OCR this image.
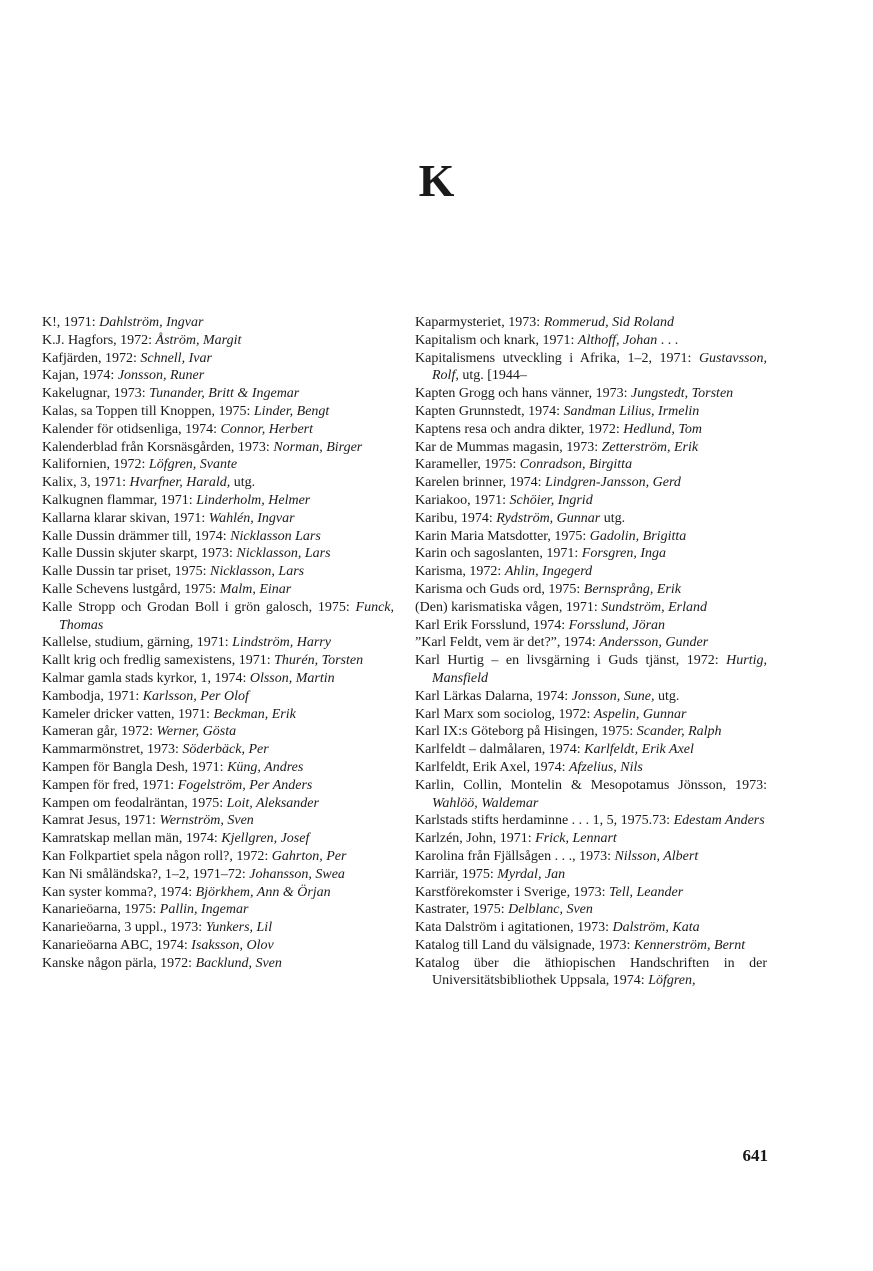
K
K!, 1971: Dahlström, Ingvar
K.J. Hagfors, 1972: Åström, Margit
Kafjärden, 1972: Schnell, Ivar
Kajan, 1974: Jonsson, Runer
Kakelugnar, 1973: Tunander, Britt & Ingemar
Kalas, sa Toppen till Knoppen, 1975: Linder, Bengt
Kalender för otidsenliga, 1974: Connor, Herbert
Kalenderblad från Korsnäsgården, 1973: Norman, Birger
Kalifornien, 1972: Löfgren, Svante
Kalix, 3, 1971: Hvarfner, Harald, utg.
Kalkugnen flammar, 1971: Linderholm, Helmer
Kallarna klarar skivan, 1971: Wahlén, Ingvar
Kalle Dussin drämmer till, 1974: Nicklasson Lars
Kalle Dussin skjuter skarpt, 1973: Nicklasson, Lars
Kalle Dussin tar priset, 1975: Nicklasson, Lars
Kalle Schevens lustgård, 1975: Malm, Einar
Kalle Stropp och Grodan Boll i grön galosch, 1975: Funck, Thomas
Kallelse, studium, gärning, 1971: Lindström, Harry
Kallt krig och fredlig samexistens, 1971: Thurén, Torsten
Kalmar gamla stads kyrkor, 1, 1974: Olsson, Martin
Kambodja, 1971: Karlsson, Per Olof
Kameler dricker vatten, 1971: Beckman, Erik
Kameran går, 1972: Werner, Gösta
Kammarmönstret, 1973: Söderbäck, Per
Kampen för Bangla Desh, 1971: Küng, Andres
Kampen för fred, 1971: Fogelström, Per Anders
Kampen om feodalräntan, 1975: Loit, Aleksander
Kamrat Jesus, 1971: Wernström, Sven
Kamratskap mellan män, 1974: Kjellgren, Josef
Kan Folkpartiet spela någon roll?, 1972: Gahrton, Per
Kan Ni småländska?, 1–2, 1971–72: Johansson, Swea
Kan syster komma?, 1974: Björkhem, Ann & Örjan
Kanarieöarna, 1975: Pallin, Ingemar
Kanarieöarna, 3 uppl., 1973: Yunkers, Lil
Kanarieöarna ABC, 1974: Isaksson, Olov
Kanske någon pärla, 1972: Backlund, Sven
Kaparmysteriet, 1973: Rommerud, Sid Roland
Kapitalism och knark, 1971: Althoff, Johan . . .
Kapitalismens utveckling i Afrika, 1–2, 1971: Gustavsson, Rolf, utg. [1944–
Kapten Grogg och hans vänner, 1973: Jungstedt, Torsten
Kapten Grunnstedt, 1974: Sandman Lilius, Irmelin
Kaptens resa och andra dikter, 1972: Hedlund, Tom
Kar de Mummas magasin, 1973: Zetterström, Erik
Karameller, 1975: Conradson, Birgitta
Karelen brinner, 1974: Lindgren-Jansson, Gerd
Kariakoo, 1971: Schöier, Ingrid
Karibu, 1974: Rydström, Gunnar utg.
Karin Maria Matsdotter, 1975: Gadolin, Brigitta
Karin och sagoslanten, 1971: Forsgren, Inga
Karisma, 1972: Ahlin, Ingegerd
Karisma och Guds ord, 1975: Bernsprång, Erik
(Den) karismatiska vågen, 1971: Sundström, Erland
Karl Erik Forsslund, 1974: Forsslund, Jöran
”Karl Feldt, vem är det?”, 1974: Andersson, Gunder
Karl Hurtig – en livsgärning i Guds tjänst, 1972: Hurtig, Mansfield
Karl Lärkas Dalarna, 1974: Jonsson, Sune, utg.
Karl Marx som sociolog, 1972: Aspelin, Gunnar
Karl IX:s Göteborg på Hisingen, 1975: Scander, Ralph
Karlfeldt – dalmålaren, 1974: Karlfeldt, Erik Axel
Karlfeldt, Erik Axel, 1974: Afzelius, Nils
Karlin, Collin, Montelin & Mesopotamus Jönsson, 1973: Wahlöö, Waldemar
Karlstads stifts herdaminne . . . 1, 5, 1975.73: Edestam Anders
Karlzén, John, 1971: Frick, Lennart
Karolina från Fjällsågen . . ., 1973: Nilsson, Albert
Karriär, 1975: Myrdal, Jan
Karstförekomster i Sverige, 1973: Tell, Leander
Kastrater, 1975: Delblanc, Sven
Kata Dalström i agitationen, 1973: Dalström, Kata
Katalog till Land du välsignade, 1973: Kennerström, Bernt
Katalog über die äthiopischen Handschriften in der Universitätsbibliothek Uppsala, 1974: Löfgren,
641
